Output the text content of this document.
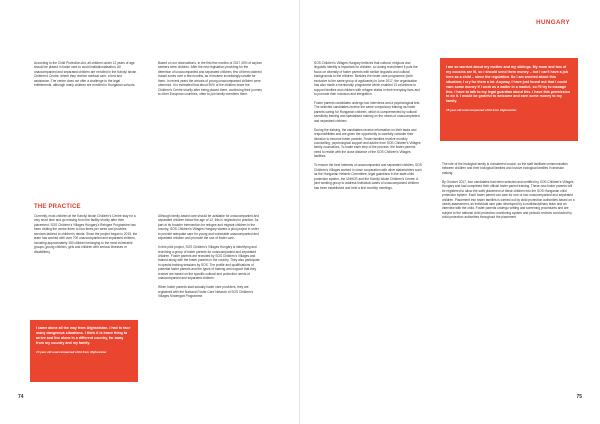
According to the Child Protection Act, all children under 12 years of age should be placed in foster care to avoid institutionalisation. All unaccompanied and separated children are enrolled in the Károlyi István Children's Centre, where they receive medical care, a bed and assistance. The centre does not offer a challenge to the legal entitlements, although many children are enrolled in Hungarian schools.

Based on our observations, in the first few months of 2017 40% of asylum seekers were children. After the new legislation providing for the detention of unaccompanied and separated children, few of them claimed transit zones over a few months, as it became increasingly unsafe for them. In recent years the arrivals of young unaccompanied children were observed. It is estimated that about 90% of the children leave the Children's Centre shortly after being placed there, continuing their journey to other European countries, often to join family members there.

THE PRACTICE

Currently, most children at the Károlyi István Children's Centre stay for a very short time and go missing from the facility shortly after their placement. SOS Children's Villages Hungary's Refugee Programme has been visiting the centre three to four times per week and provides services tailored to children's needs. Since the project began in 2015, the team has worked with over 700 unaccompanied and separated children, including approximately 150 children belonging to the most vulnerable groups (young children, girls and children with serious illnesses or disabilities).

Although family-based care should be available for unaccompanied and separated children below the age of 12, this is neglected in practice. As part of its broader intervention for refugee and migrant children in the country, SOS Children's Villages Hungary started a pilot project in order to provide adequate care for young and vulnerable unaccompanied and separated children and promote the use of foster care.

In this pilot project, SOS Children's Villages Hungary is identifying and recruiting a group of foster parents for unaccompanied and separated children. Foster parents are recruited by SOS Children's Villages and trained along with the foster parents in the country. They also participate in special training sessions by SOS. The profile and qualifications of potential foster parents and the types of training and support that they receive are based on the specific cultural and protection needs of unaccompanied and separated children.

When foster parents start actually foster care providers, they are registered with the National Foster Care Network of SOS Children's Villages Kindergart Programme.

I came alone all the way from Afghanistan. I had to face many dangerous situations. I think it is brave thing to arrive and live alone in a different country, far away from my country and my family.

17-year-old unaccompanied child from Afghanistan

74
HUNGARY

SOS Children's Villages Hungary believes that cultural, religious and linguistic identity is important for children, so during recruitment it puts the focus on diversity of foster parents with similar linguistic and cultural backgrounds to the children. Besides the foster care programme (both exclusive to the same group of applicants) in June 2017, the organisation has also made a mentorship programme which enabled 13 volunteers to support families and children with refugee status in their everyday lives and to promote their inclusion and integration.

Foster parents candidates undergo two interviews and a psychological test. The selected candidates receive the same compulsory training as foster parents caring for Hungarian children, which is complemented by cultural sensitivity training and specialised training on the needs of unaccompanied and separated children.

During the training, the candidates receive information on their tasks and responsibilities and are given the opportunity to carefully consider their decision to become foster parents. Foster families receive monthly counselling, psychological support and advice from SOS Children's Villages family counsellors. To make each step of the process, the foster parents need to reside with the close distance of the SOS Children's Villages facilities.

To ensure the best interests of unaccompanied and separated children, SOS Children's Villages worked in close cooperation with other stakeholders such as the Hungarian Helsinki Committee, legal guardians in the state child protection system, the UNHCR and the Károlyi István Children's Centre. A joint working group to address individual cases of unaccompanied children has been established and held a first monthly meetings.

I am so worried about my mother and my siblings. My mom and two of my cousins are ill, so I should send them money – but I can't have a job here as a child – since the regulation. So I am worried about this situation; I cry for them a lot. Anyway, I have just found out that I could earn some money if I work as a waiter in a market, so I'll try to manage this. I have to talk to my legal guardian about this. I have this permission to do it. I would be grateful to welcome and earn some money to my family.

15-year-old unaccompanied child from Afghanistan

The role of the biological family is considered crucial, so the staff facilitate communication between children and their biological families and involve biological families in decision making.

By October 2017, four candidates had been selected and certified by SOS Children's Villages Hungary and had completed their official foster parent training. These new foster parents will be registered to allow the swift placement of these children into the SOS Hungarian child protection system. Each foster parent can care for one or two unaccompanied and separated children. Placement into foster families is carried out by child protection authorities based on a needs assessment, an individual care plan developed by a multidisciplinary team and an interview with the child. Foster parents undergo vetting and screening procedures and are subject to the national child protection monitoring system and periodic reviews conducted by child protection authorities throughout the placement.

75
